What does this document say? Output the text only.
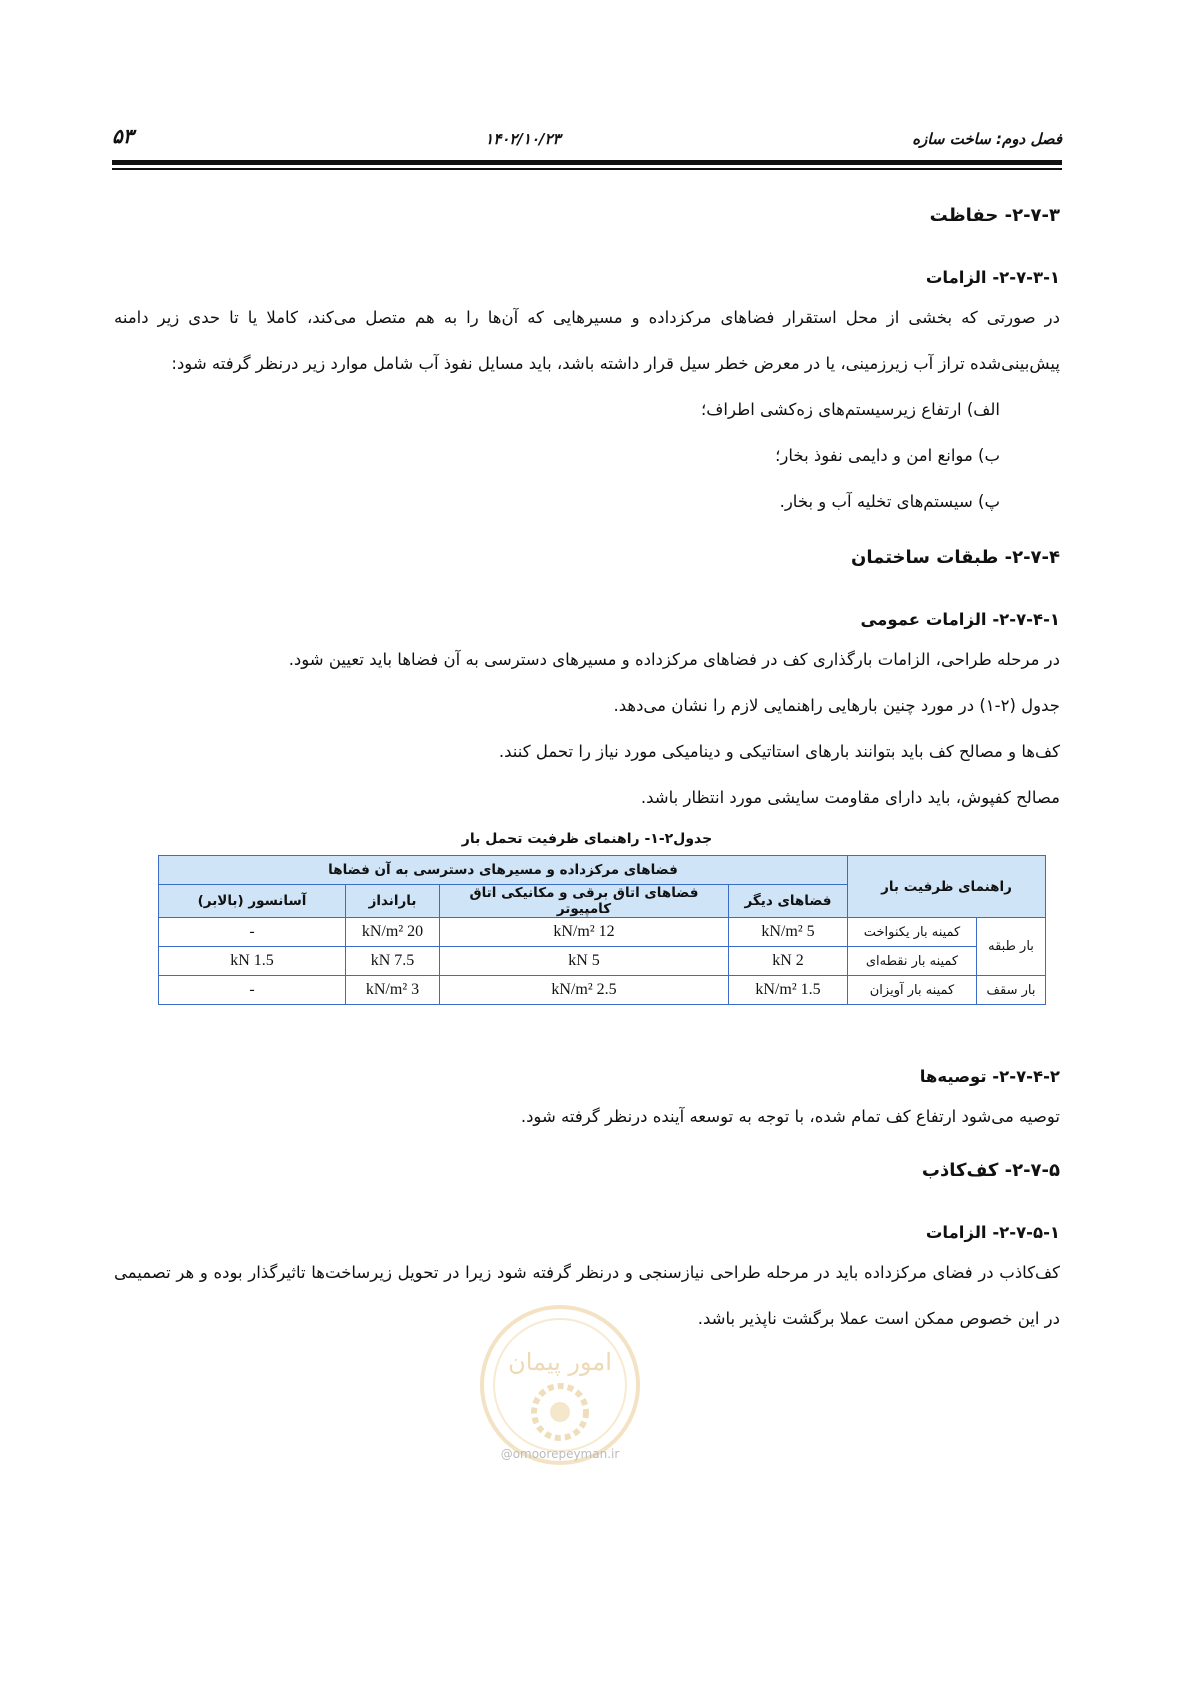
فصل دوم: ساخت سازه
۱۴۰۲/۱۰/۲۳
۵۳
۲-۷-۳- حفاظت
۲-۷-۳-۱- الزامات

در صورتی که بخشی از محل استقرار فضاهای مرکزداده و مسیرهایی که آن‌ها را به هم متصل می‌کند، کاملا یا تا حدی زیر دامنه پیش‌بینی‌شده تراز آب زیرزمینی، یا در معرض خطر سیل قرار داشته باشد، باید مسایل نفوذ آب شامل موارد زیر درنظر گرفته شود:

الف) ارتفاع زیرسیستم‌های زه‌کشی اطراف؛
ب) موانع امن و دایمی نفوذ بخار؛
پ) سیستم‌های تخلیه آب و بخار.
۲-۷-۴- طبقات ساختمان
۲-۷-۴-۱- الزامات عمومی

در مرحله طراحی، الزامات بارگذاری کف در فضاهای مرکزداده و مسیرهای دسترسی به آن فضاها باید تعیین شود.

جدول (۲-۱) در مورد چنین بارهایی راهنمایی لازم را نشان می‌دهد.

کف‌ها و مصالح کف باید بتوانند بارهای استاتیکی و دینامیکی مورد نیاز را تحمل کنند.

مصالح کفپوش، باید دارای مقاومت سایشی مورد انتظار باشد.

جدول۲-۱- راهنمای ظرفیت تحمل بار
راهنمای ظرفیت بار		فضاهای مرکزداده و مسیرهای دسترسی به آن فضاها			
		فضاهای دیگر	فضاهای اتاق برقی و مکانیکی اتاق کامپیوتر	بارانداز	آسانسور (بالابر)
بار طبقه	کمینه بار یکنواخت	5 kN/m²	12 kN/m²	20 kN/m²	-
	کمینه بار نقطه‌ای	2 kN	5 kN	7.5 kN	1.5 kN
بار سقف	کمینه بار آویزان	1.5 kN/m²	2.5 kN/m²	3 kN/m²	-
۲-۷-۴-۲- توصیه‌ها

توصیه می‌شود ارتفاع کف تمام شده، با توجه به توسعه آینده درنظر گرفته شود.

۲-۷-۵- کف‌کاذب
۲-۷-۵-۱- الزامات

کف‌کاذب در فضای مرکزداده باید در مرحله طراحی نیازسنجی و درنظر گرفته شود زیرا در تحویل زیرساخت‌ها تاثیرگذار بوده و هر تصمیمی در این خصوص ممکن است عملا برگشت ناپذیر باشد.

امور پیمان
@omoorepeyman.ir
